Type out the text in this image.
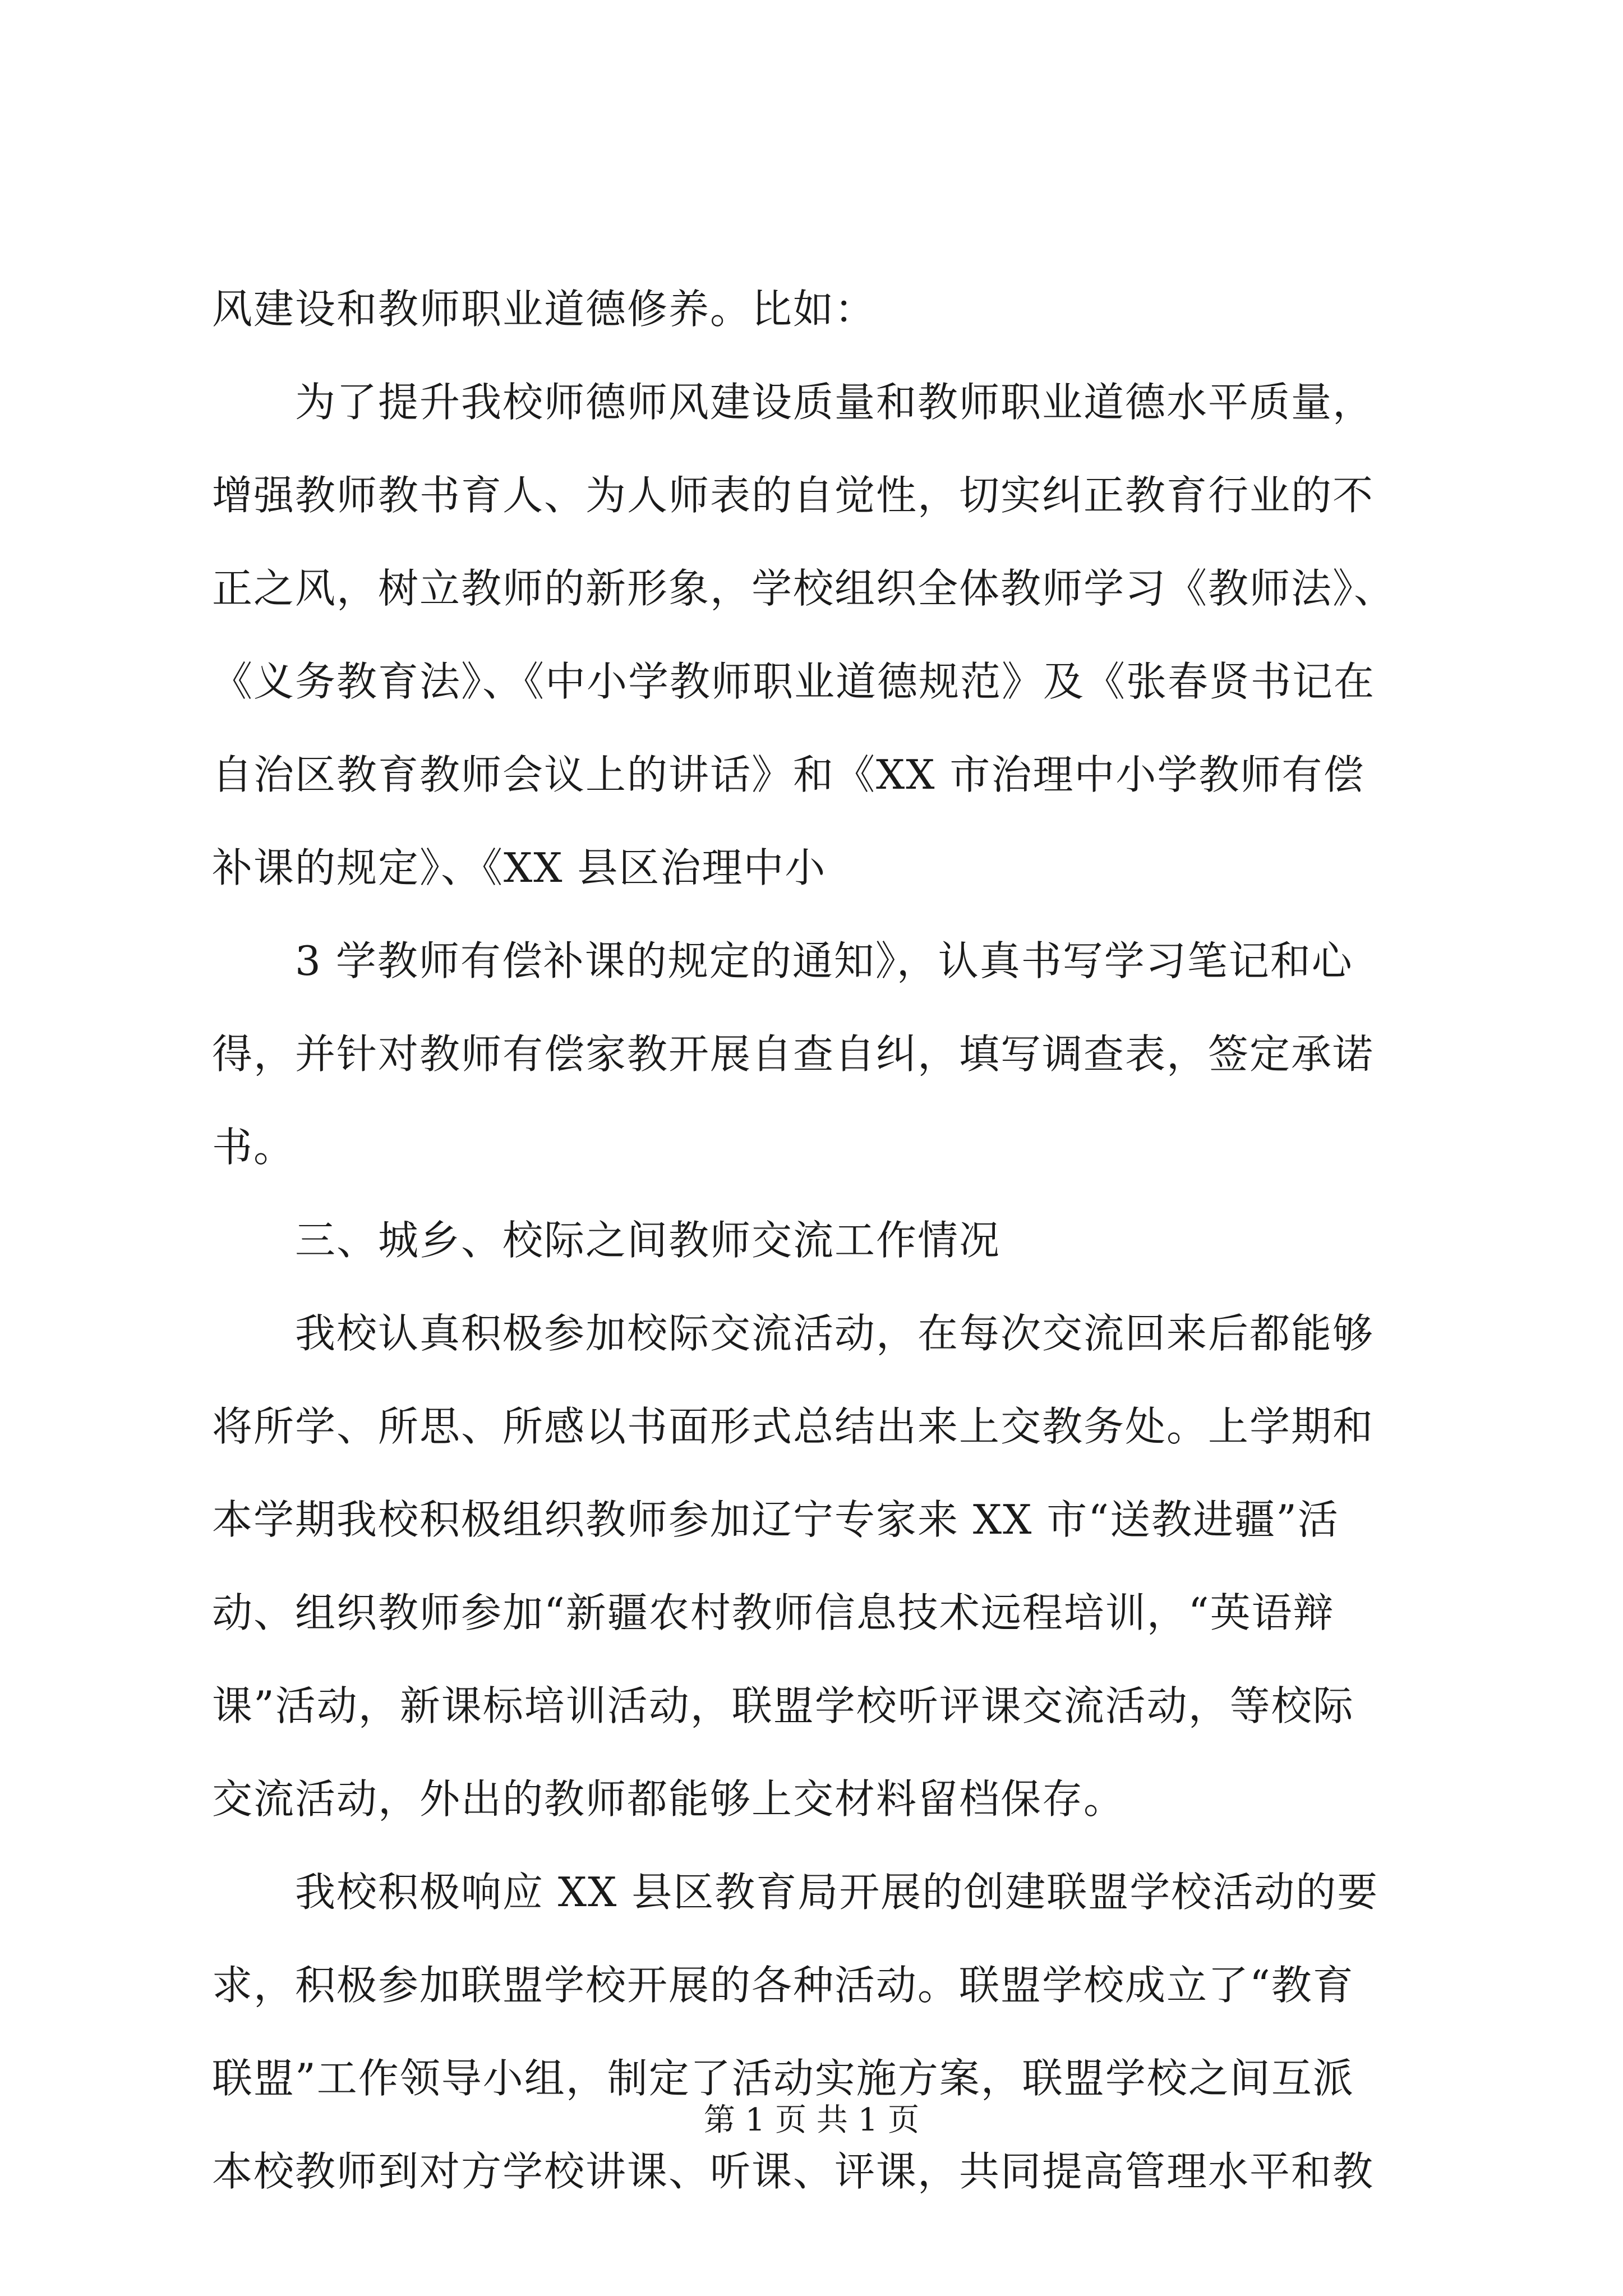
风建设和教师职业道德修养。比如：
　　为了提升我校师德师风建设质量和教师职业道德水平质量，
增强教师教书育人、为人师表的自觉性，切实纠正教育行业的不
正之风，树立教师的新形象，学校组织全体教师学习《教师法》、
《义务教育法》、《中小学教师职业道德规范》及《张春贤书记在
自治区教育教师会议上的讲话》和《XX 市治理中小学教师有偿
补课的规定》、《XX 县区治理中小
　　3 学教师有偿补课的规定的通知》，认真书写学习笔记和心
得，并针对教师有偿家教开展自查自纠，填写调查表，签定承诺
书。
　　三、城乡、校际之间教师交流工作情况
　　我校认真积极参加校际交流活动，在每次交流回来后都能够
将所学、所思、所感以书面形式总结出来上交教务处。上学期和
本学期我校积极组织教师参加辽宁专家来 XX 市“送教进疆”活
动、组织教师参加“新疆农村教师信息技术远程培训，“英语辩
课”活动，新课标培训活动，联盟学校听评课交流活动，等校际
交流活动，外出的教师都能够上交材料留档保存。
　　我校积极响应 XX 县区教育局开展的创建联盟学校活动的要
求，积极参加联盟学校开展的各种活动。联盟学校成立了“教育
联盟”工作领导小组，制定了活动实施方案，联盟学校之间互派
本校教师到对方学校讲课、听课、评课，共同提高管理水平和教
第 1 页 共 1 页
